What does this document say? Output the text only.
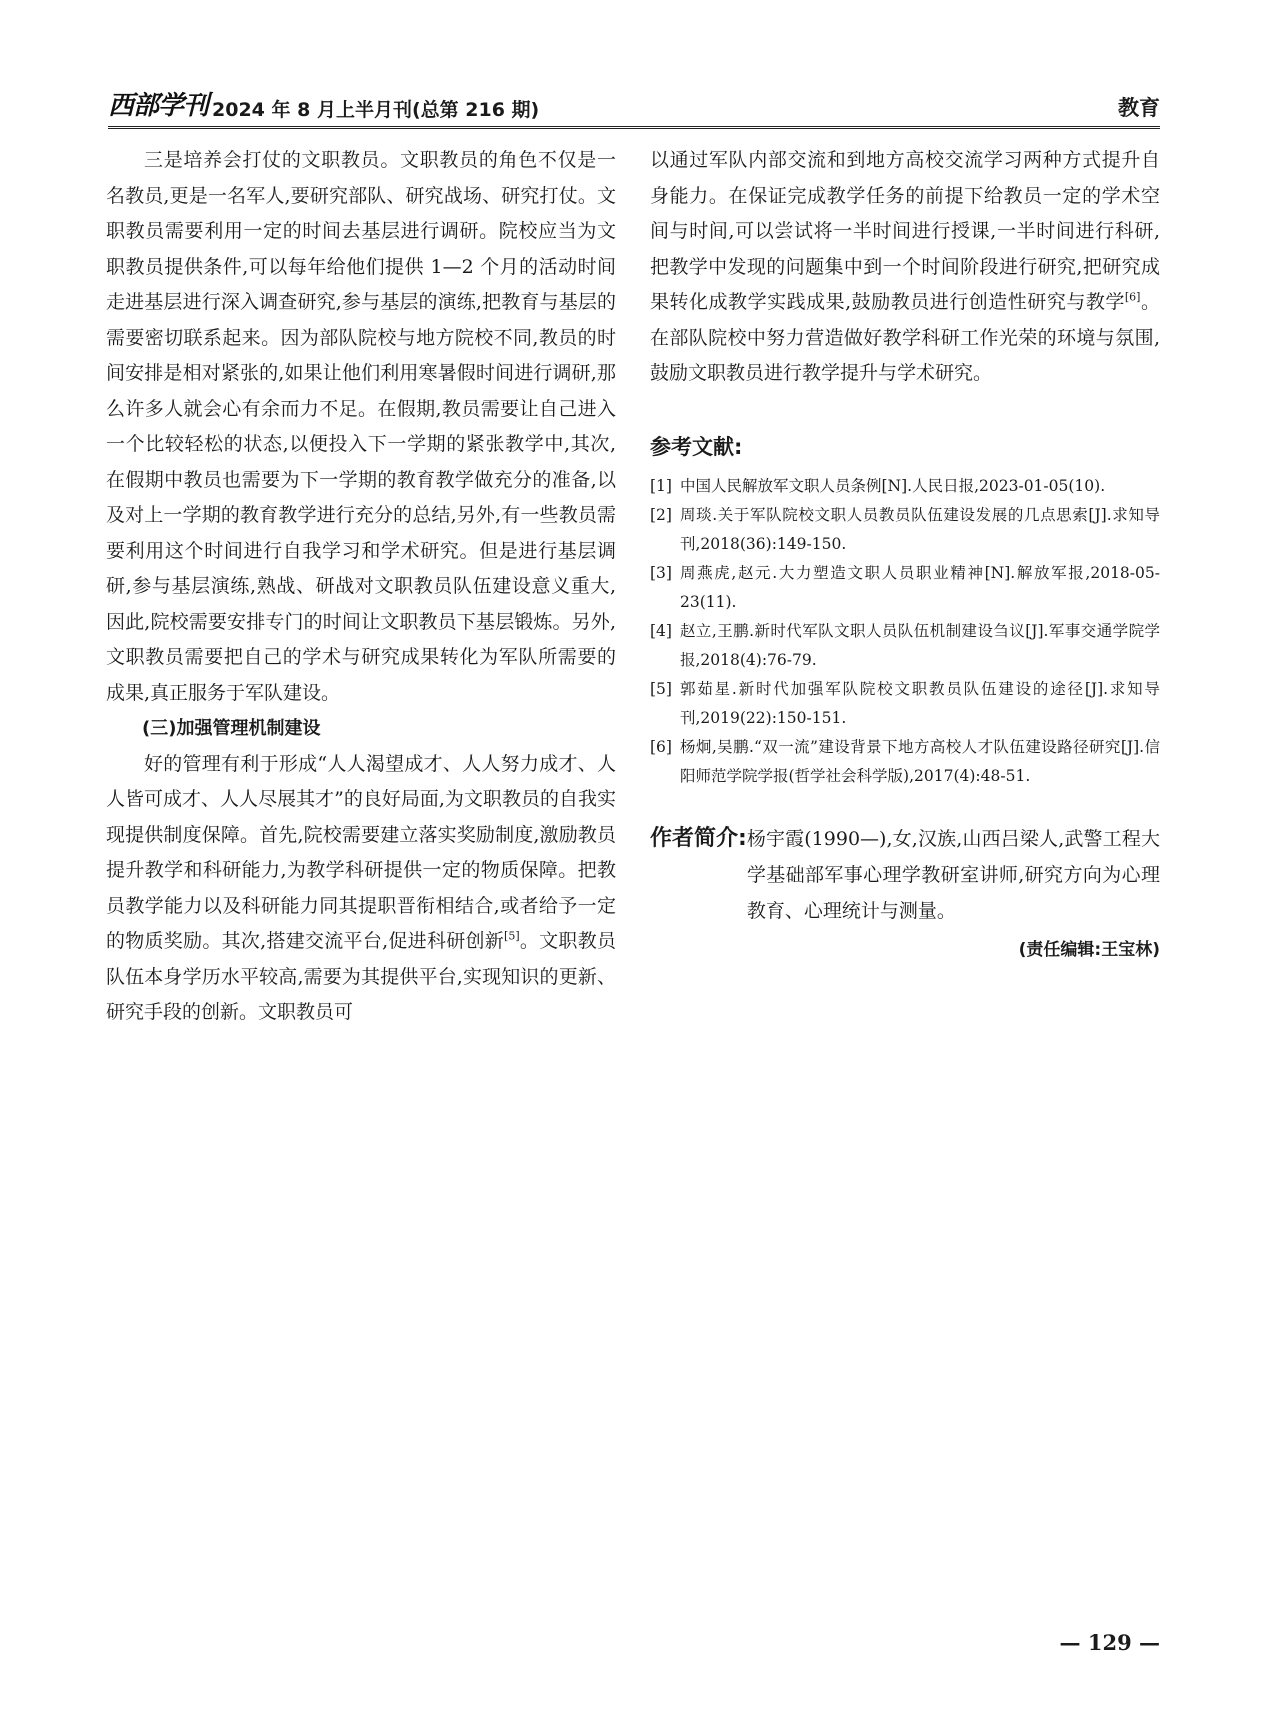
西部学刊 2024 年 8 月上半月刊(总第 216 期)	教育

三是培养会打仗的文职教员。文职教员的角色不仅是一名教员,更是一名军人,要研究部队、研究战场、研究打仗。文职教员需要利用一定的时间去基层进行调研。院校应当为文职教员提供条件,可以每年给他们提供 1—2 个月的活动时间走进基层进行深入调查研究,参与基层的演练,把教育与基层的需要密切联系起来。因为部队院校与地方院校不同,教员的时间安排是相对紧张的,如果让他们利用寒暑假时间进行调研,那么许多人就会心有余而力不足。在假期,教员需要让自己进入一个比较轻松的状态,以便投入下一学期的紧张教学中,其次,在假期中教员也需要为下一学期的教育教学做充分的准备,以及对上一学期的教育教学进行充分的总结,另外,有一些教员需要利用这个时间进行自我学习和学术研究。但是进行基层调研,参与基层演练,熟战、研战对文职教员队伍建设意义重大,因此,院校需要安排专门的时间让文职教员下基层锻炼。另外,文职教员需要把自己的学术与研究成果转化为军队所需要的成果,真正服务于军队建设。

(三)加强管理机制建设

好的管理有利于形成“人人渴望成才、人人努力成才、人人皆可成才、人人尽展其才”的良好局面,为文职教员的自我实现提供制度保障。首先,院校需要建立落实奖励制度,激励教员提升教学和科研能力,为教学科研提供一定的物质保障。把教员教学能力以及科研能力同其提职晋衔相结合,或者给予一定的物质奖励。其次,搭建交流平台,促进科研创新[5]。文职教员队伍本身学历水平较高,需要为其提供平台,实现知识的更新、研究手段的创新。文职教员可

以通过军队内部交流和到地方高校交流学习两种方式提升自身能力。在保证完成教学任务的前提下给教员一定的学术空间与时间,可以尝试将一半时间进行授课,一半时间进行科研,把教学中发现的问题集中到一个时间阶段进行研究,把研究成果转化成教学实践成果,鼓励教员进行创造性研究与教学[6]。在部队院校中努力营造做好教学科研工作光荣的环境与氛围,鼓励文职教员进行教学提升与学术研究。

参考文献:
[1] 中国人民解放军文职人员条例[N].人民日报,2023-01-05(10).
[2] 周琰.关于军队院校文职人员教员队伍建设发展的几点思索[J].求知导刊,2018(36):149-150.
[3] 周燕虎,赵元.大力塑造文职人员职业精神[N].解放军报,2018-05-23(11).
[4] 赵立,王鹏.新时代军队文职人员队伍机制建设刍议[J].军事交通学院学报,2018(4):76-79.
[5] 郭茹星.新时代加强军队院校文职教员队伍建设的途径[J].求知导刊,2019(22):150-151.
[6] 杨炯,吴鹏.“双一流”建设背景下地方高校人才队伍建设路径研究[J].信阳师范学院学报(哲学社会科学版),2017(4):48-51.
作者简介: 杨宇霞(1990—),女,汉族,山西吕梁人,武警工程大学基础部军事心理学教研室讲师,研究方向为心理教育、心理统计与测量。
(责任编辑:王宝林)
— 129 —
